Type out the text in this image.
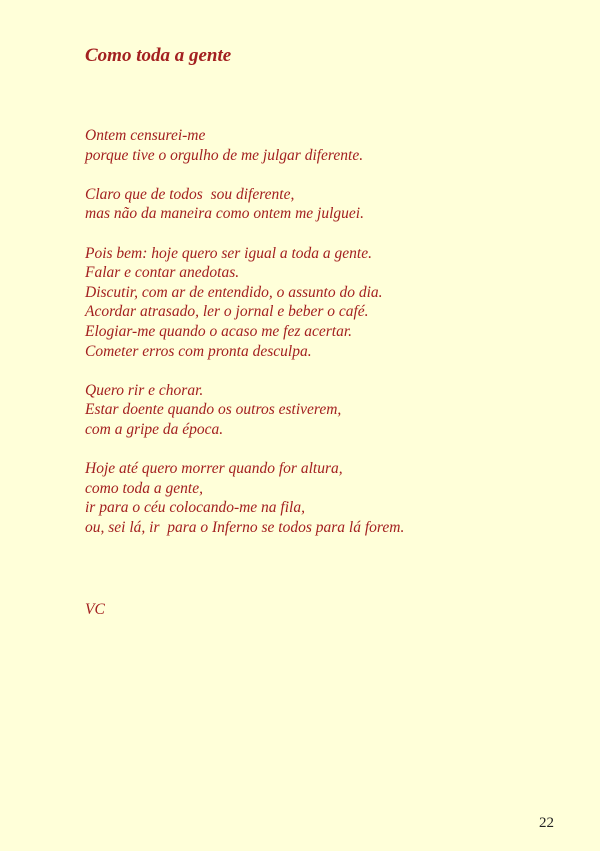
Como toda a gente

Ontem censurei-me
porque tive o orgulho de me julgar diferente.

Claro que de todos  sou diferente,
mas não da maneira como ontem me julguei.

Pois bem: hoje quero ser igual a toda a gente.
Falar e contar anedotas.
Discutir, com ar de entendido, o assunto do dia.
Acordar atrasado, ler o jornal e beber o café.
Elogiar-me quando o acaso me fez acertar.
Cometer erros com pronta desculpa.

Quero rir e chorar.
Estar doente quando os outros estiverem,
com a gripe da época.

Hoje até quero morrer quando for altura,
como toda a gente,
ir para o céu colocando-me na fila,
ou, sei lá, ir  para o Inferno se todos para lá forem.

VC
22
